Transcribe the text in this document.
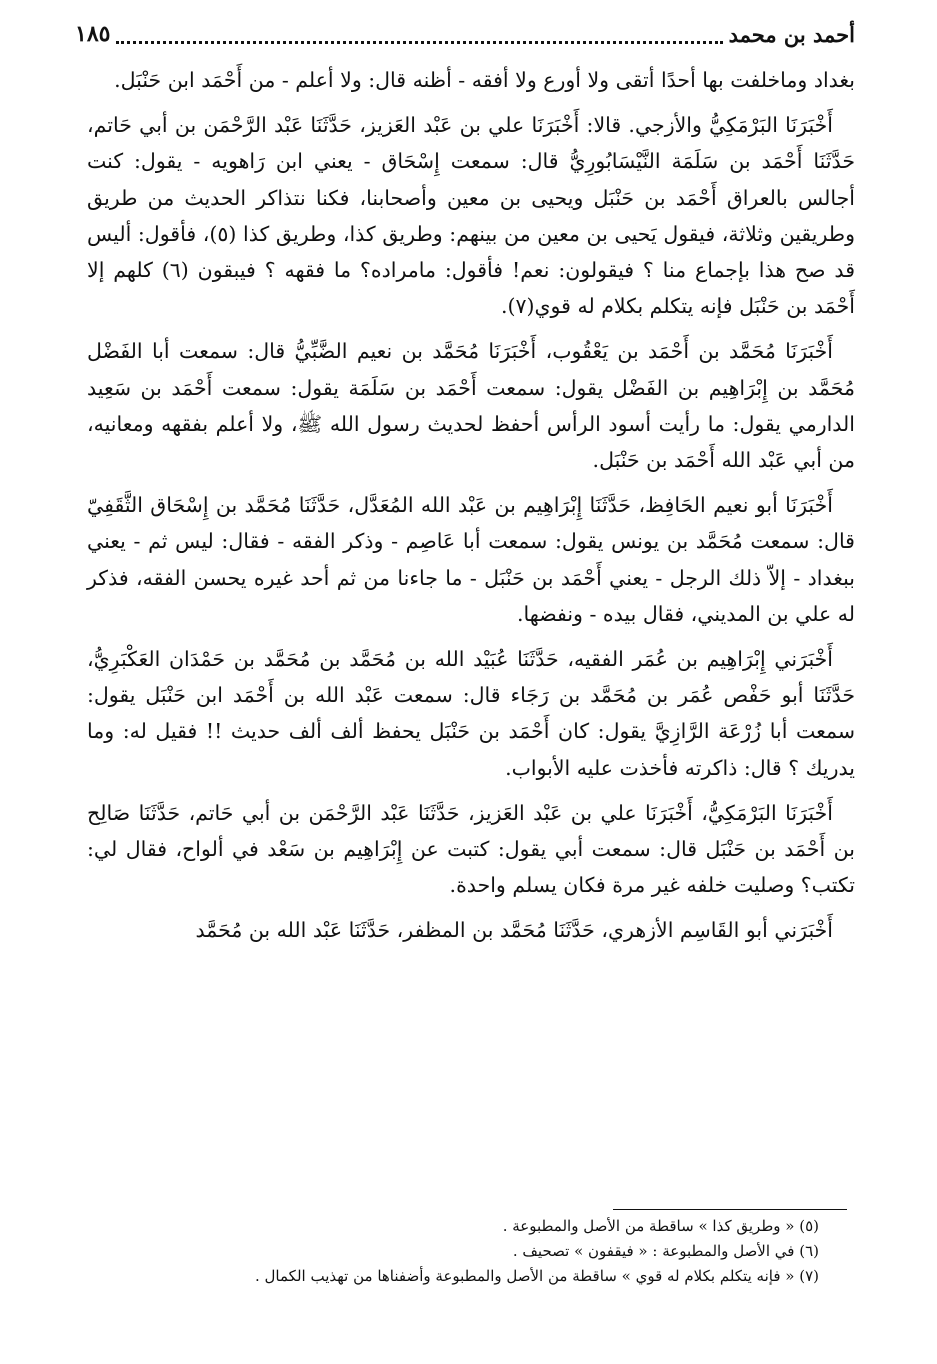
أحمد بن محمد
١٨٥

بغداد وماخلفت بها أحدًا أتقى ولا أورع ولا أفقه - أظنه قال: ولا أعلم - من أَحْمَد ابن حَنْبَل.

أَخْبَرَنَا البَرْمَكِيُّ والأزجي. قالا: أَخْبَرَنَا علي بن عَبْد العَزيز، حَدَّثَنَا عَبْد الرَّحْمَن بن أبي حَاتم، حَدَّثَنَا أَحْمَد بن سَلَمَة النَّيْسَابُورِيُّ قال: سمعت إِسْحَاق - يعني ابن رَاهويه - يقول: كنت أجالس بالعراق أَحْمَد بن حَنْبَل ويحيى بن معين وأصحابنا، فكنا نتذاكر الحديث من طريق وطريقين وثلاثة، فيقول يَحيى بن معين من بينهم: وطريق كذا، وطريق كذا (٥)، فأقول: أليس قد صح هذا بإجماع منا ؟ فيقولون: نعم! فأقول: مامراده؟ ما فقهه ؟ فيبقون (٦) كلهم إلا أَحْمَد بن حَنْبَل فإنه يتكلم بكلام له قوي(٧).

أَخْبَرَنَا مُحَمَّد بن أَحْمَد بن يَعْقُوب، أَخْبَرَنَا مُحَمَّد بن نعيم الضَّبِّيُّ قال: سمعت أبا الفَضْل مُحَمَّد بن إِبْرَاهِيم بن الفَضْل يقول: سمعت أَحْمَد بن سَلَمَة يقول: سمعت أَحْمَد بن سَعِيد الدارمي يقول: ما رأيت أسود الرأس أحفظ لحديث رسول الله ﷺ، ولا أعلم بفقهه ومعانيه، من أبي عَبْد الله أَحْمَد بن حَنْبَل.

أَخْبَرَنَا أبو نعيم الحَافِظ، حَدَّثَنَا إِبْرَاهِيم بن عَبْد الله المُعَدَّل، حَدَّثَنَا مُحَمَّد بن إِسْحَاق الثَّقَفِيّ قال: سمعت مُحَمَّد بن يونس يقول: سمعت أبا عَاصِم - وذكر الفقه - فقال: ليس ثم - يعني ببغداد - إلاّ ذلك الرجل - يعني أَحْمَد بن حَنْبَل - ما جاءنا من ثم أحد غيره يحسن الفقه، فذكر له علي بن المديني، فقال بيده - ونفضها.

أَخْبَرَني إِبْرَاهِيم بن عُمَر الفقيه، حَدَّثَنَا عُبَيْد الله بن مُحَمَّد بن مُحَمَّد بن حَمْدَان العَكْبَرِيُّ، حَدَّثَنَا أبو حَفْص عُمَر بن مُحَمَّد بن رَجَاء قال: سمعت عَبْد الله بن أَحْمَد ابن حَنْبَل يقول: سمعت أبا زُرْعَة الرَّازِيَّ يقول: كان أَحْمَد بن حَنْبَل يحفظ ألف ألف حديث !! فقيل له: وما يدريك ؟ قال: ذاكرته فأخذت عليه الأبواب.

أَخْبَرَنَا البَرْمَكِيُّ، أَخْبَرَنَا علي بن عَبْد العَزيز، حَدَّثَنَا عَبْد الرَّحْمَن بن أبي حَاتم، حَدَّثَنَا صَالِح بن أَحْمَد بن حَنْبَل قال: سمعت أبي يقول: كتبت عن إِبْرَاهِيم بن سَعْد في ألواح، فقال لي: تكتب؟ وصليت خلفه غير مرة فكان يسلم واحدة.

أَخْبَرَني أبو القَاسِم الأزهري، حَدَّثَنَا مُحَمَّد بن المظفر، حَدَّثَنَا عَبْد الله بن مُحَمَّد

(٥) « وطريق كذا » ساقطة من الأصل والمطبوعة .

(٦) في الأصل والمطبوعة : « فيقفون » تصحيف .

(٧) « فإنه يتكلم بكلام له قوي » ساقطة من الأصل والمطبوعة وأضفناها من تهذيب الكمال .
